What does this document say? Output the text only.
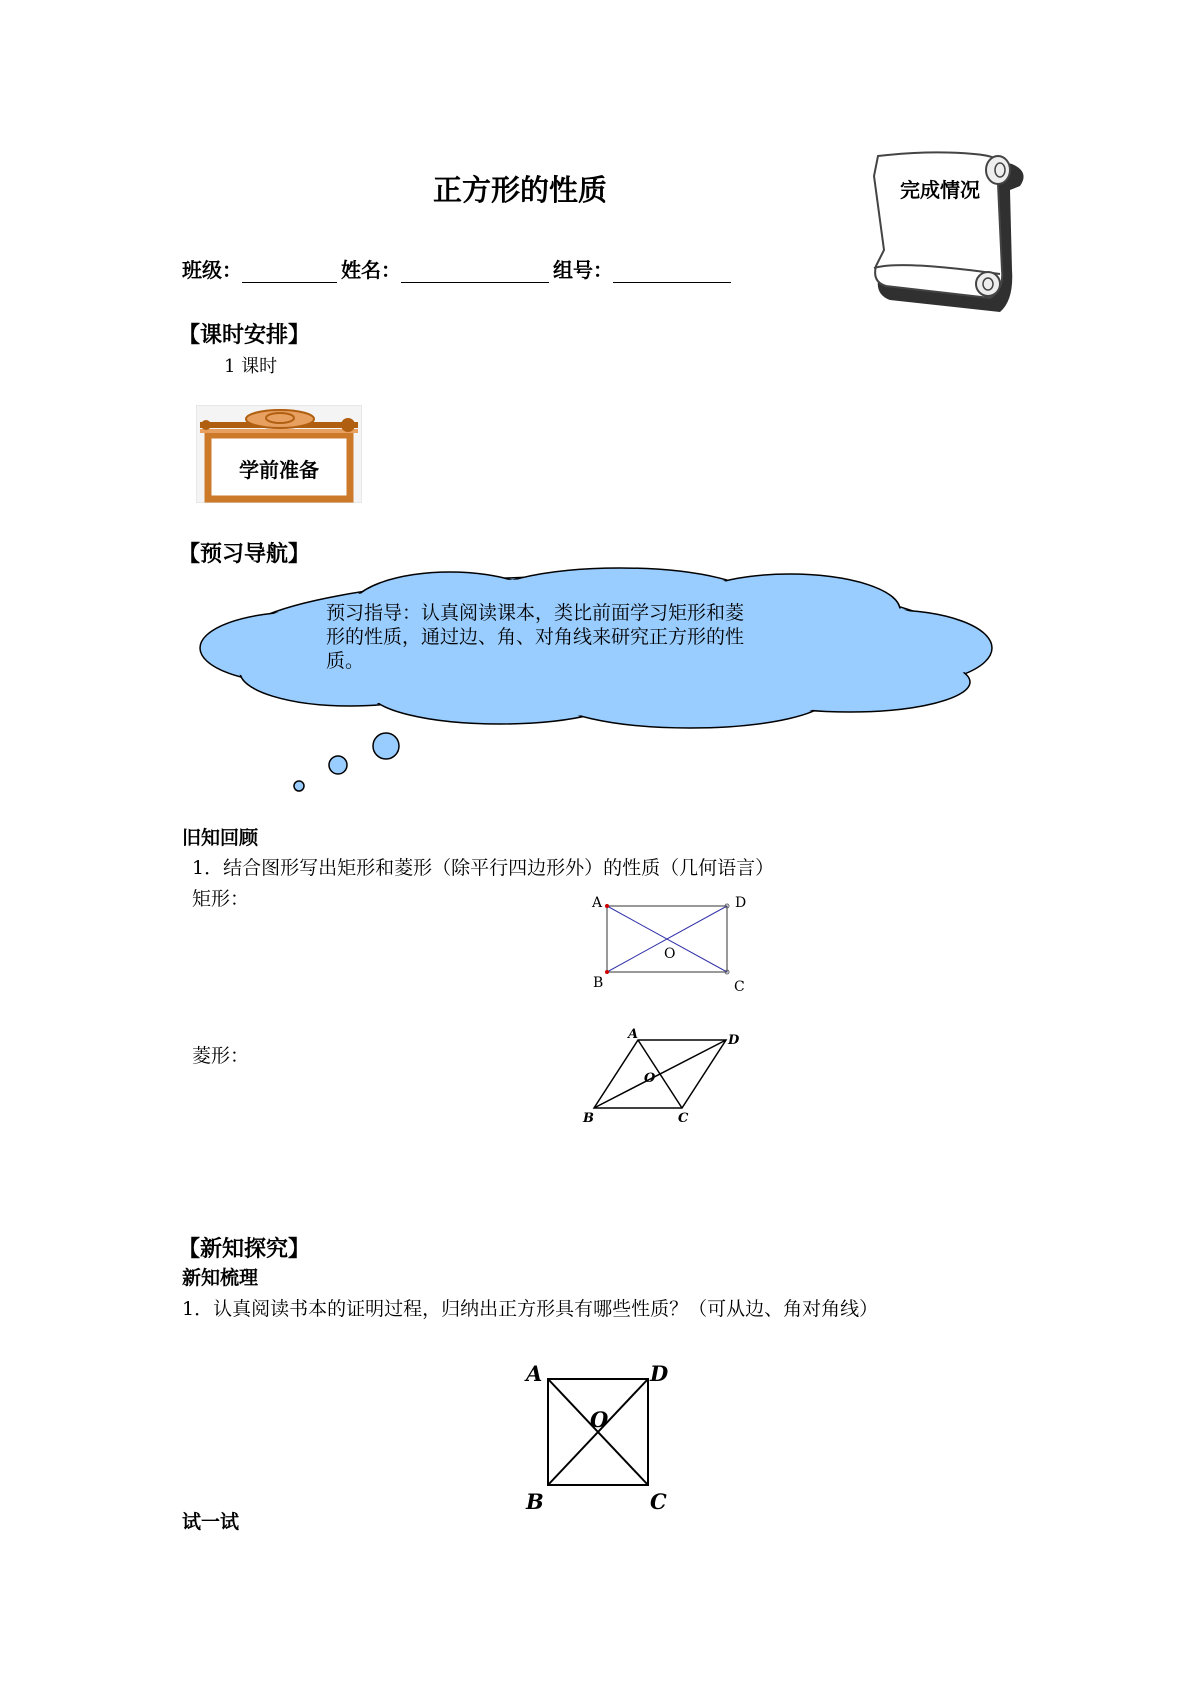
正方形的性质	完成情况
班级：	姓名：	组号：
【课时安排】
1 课时
学前准备
【预习导航】
预习指导：认真阅读课本，类比前面学习矩形和菱
形的性质，通过边、角、对角线来研究正方形的性
质。
旧知回顾
1．结合图形写出矩形和菱形（除平行四边形外）的性质（几何语言）
矩形：
菱形：
A	D
B	C
O
A	D
B	C
O
【新知探究】
新知梳理
1．认真阅读书本的证明过程，归纳出正方形具有哪些性质？（可从边、角对角线）
A	D
B	C
O
试一试
